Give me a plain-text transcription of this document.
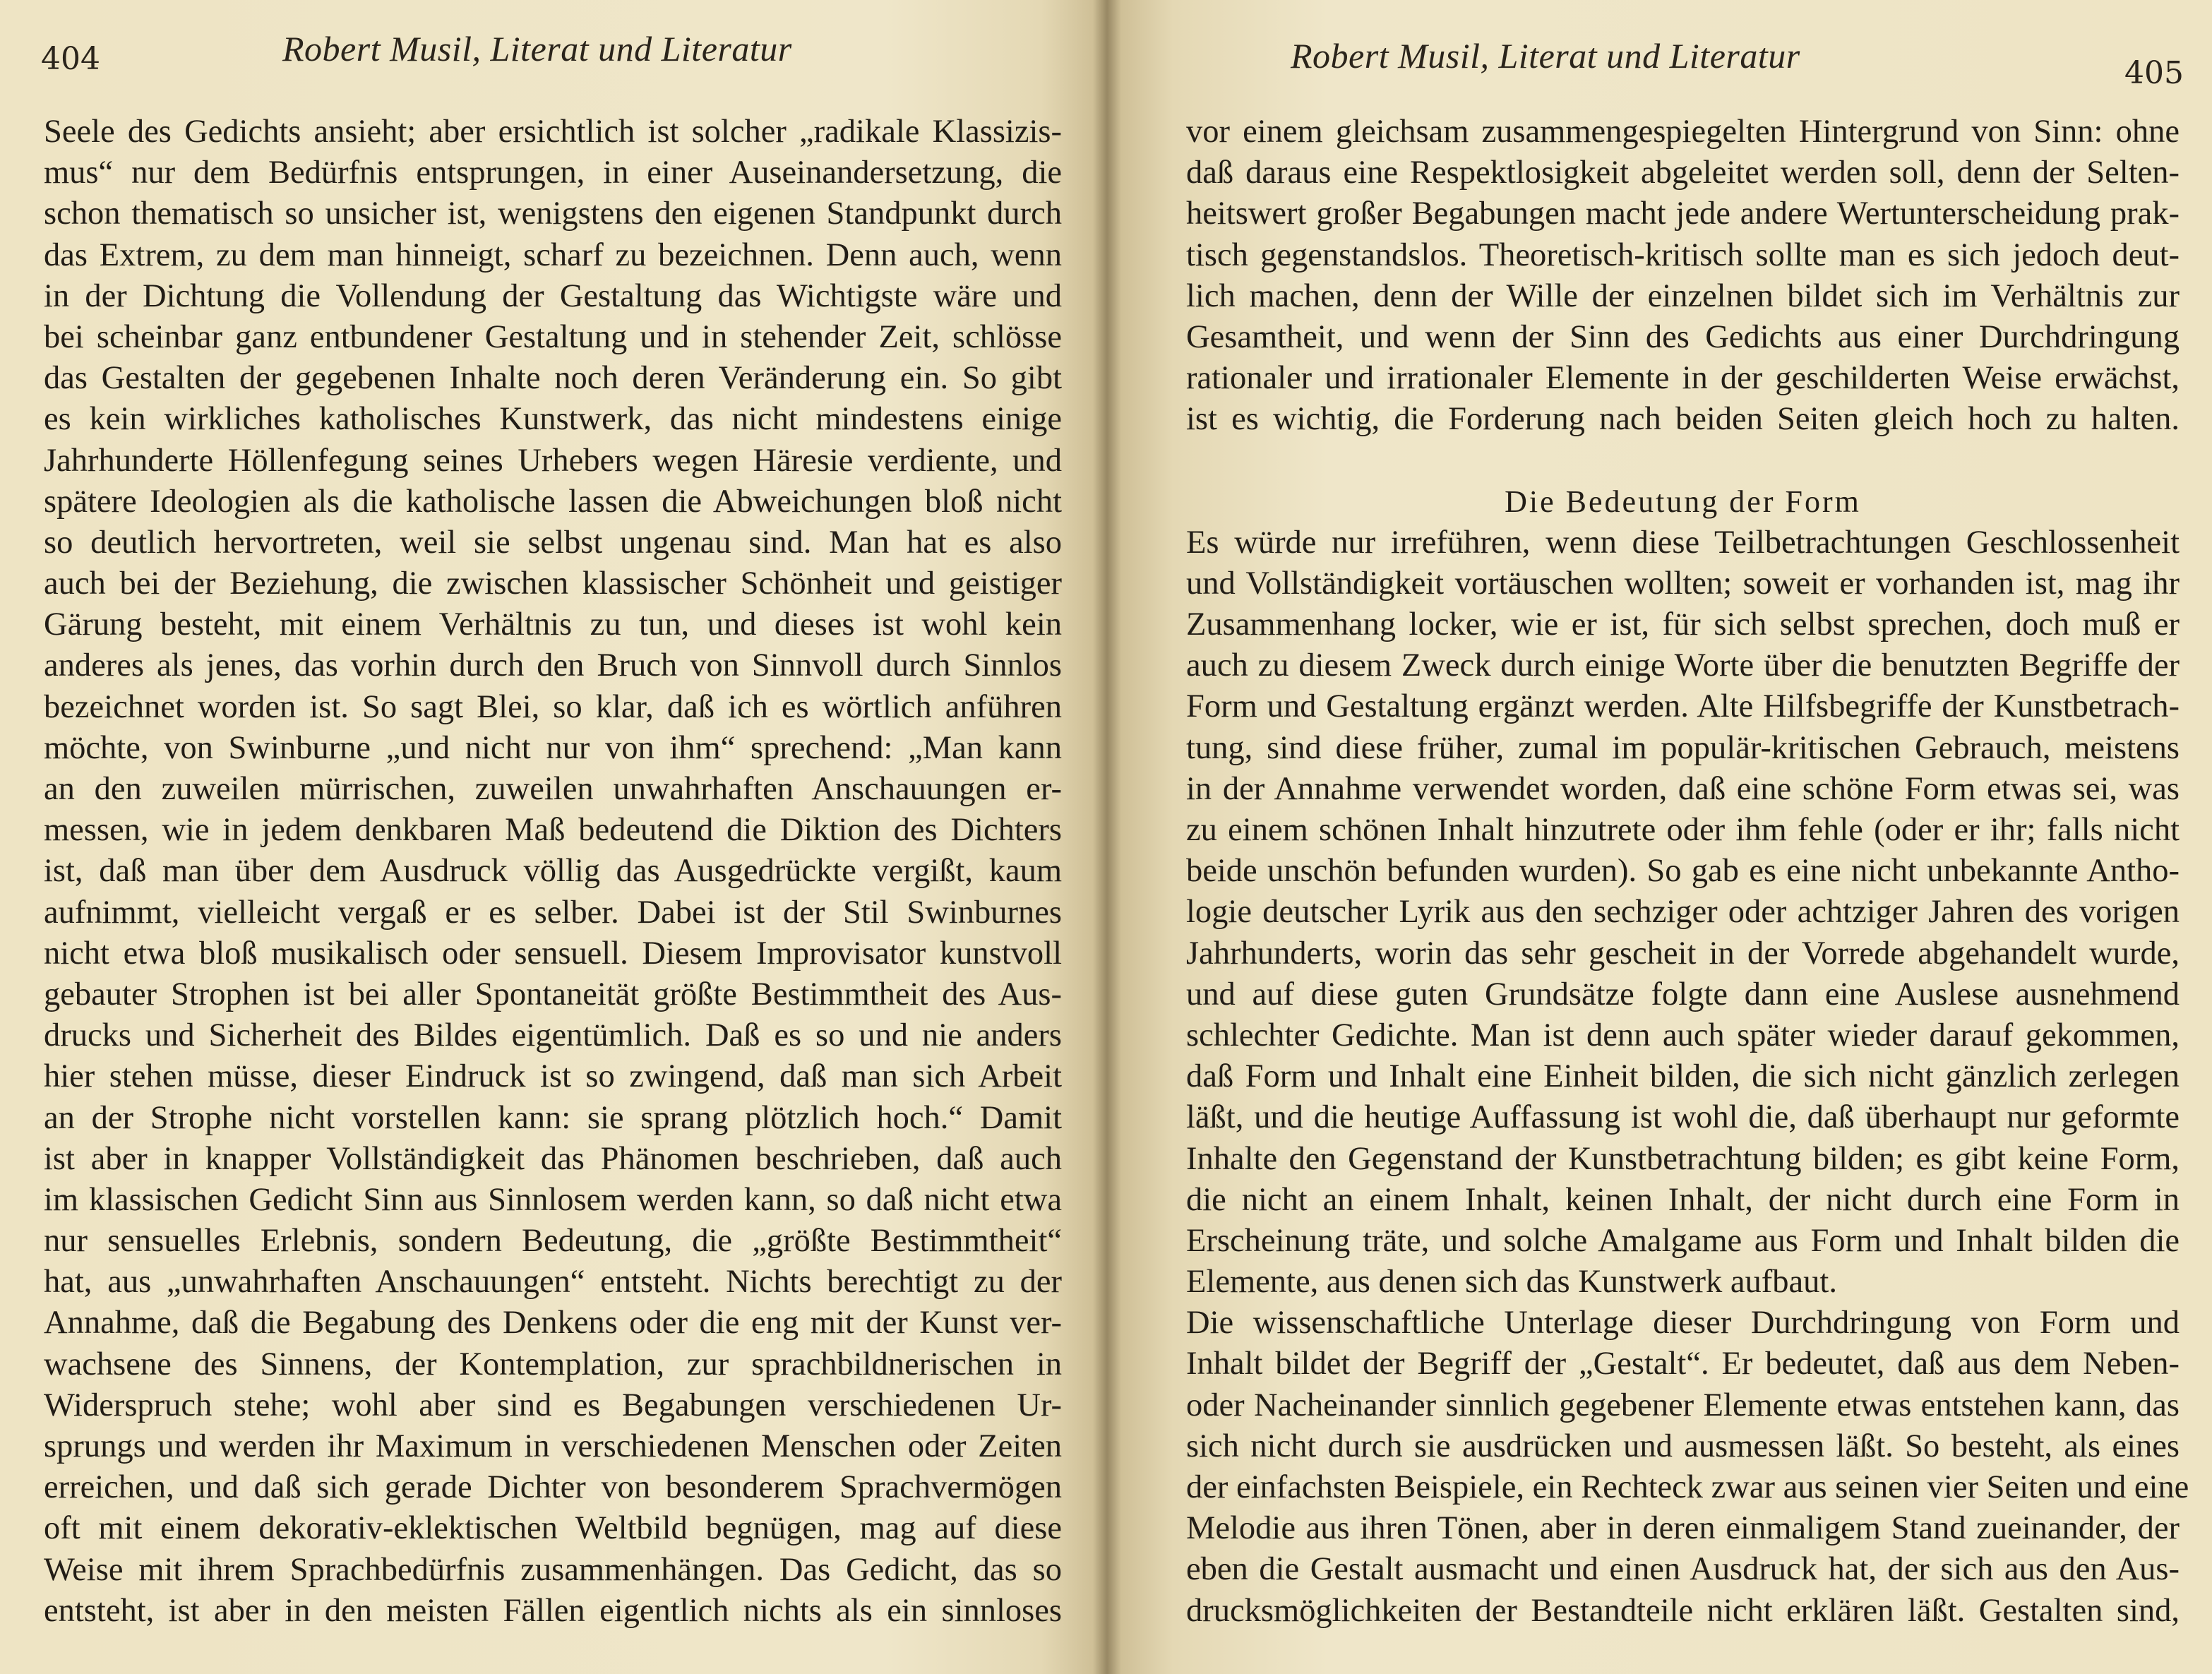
404	Robert Musil, Literat und Literatur
Seele des Gedichts ansieht; aber ersichtlich ist solcher „radikale Klassizis-
mus“ nur dem Bedürfnis entsprungen, in einer Auseinandersetzung, die
schon thematisch so unsicher ist, wenigstens den eigenen Standpunkt durch
das Extrem, zu dem man hinneigt, scharf zu bezeichnen. Denn auch, wenn
in der Dichtung die Vollendung der Gestaltung das Wichtigste wäre und
bei scheinbar ganz entbundener Gestaltung und in stehender Zeit, schlösse
das Gestalten der gegebenen Inhalte noch deren Veränderung ein. So gibt
es kein wirkliches katholisches Kunstwerk, das nicht mindestens einige
Jahrhunderte Höllenfegung seines Urhebers wegen Häresie verdiente, und
spätere Ideologien als die katholische lassen die Abweichungen bloß nicht
so deutlich hervortreten, weil sie selbst ungenau sind. Man hat es also
auch bei der Beziehung, die zwischen klassischer Schönheit und geistiger
Gärung besteht, mit einem Verhältnis zu tun, und dieses ist wohl kein
anderes als jenes, das vorhin durch den Bruch von Sinnvoll durch Sinnlos
bezeichnet worden ist. So sagt Blei, so klar, daß ich es wörtlich anführen
möchte, von Swinburne „und nicht nur von ihm“ sprechend: „Man kann
an den zuweilen mürrischen, zuweilen unwahrhaften Anschauungen er-
messen, wie in jedem denkbaren Maß bedeutend die Diktion des Dichters
ist, daß man über dem Ausdruck völlig das Ausgedrückte vergißt, kaum
aufnimmt, vielleicht vergaß er es selber. Dabei ist der Stil Swinburnes
nicht etwa bloß musikalisch oder sensuell. Diesem Improvisator kunstvoll
gebauter Strophen ist bei aller Spontaneität größte Bestimmtheit des Aus-
drucks und Sicherheit des Bildes eigentümlich. Daß es so und nie anders
hier stehen müsse, dieser Eindruck ist so zwingend, daß man sich Arbeit
an der Strophe nicht vorstellen kann: sie sprang plötzlich hoch.“ Damit
ist aber in knapper Vollständigkeit das Phänomen beschrieben, daß auch
im klassischen Gedicht Sinn aus Sinnlosem werden kann, so daß nicht etwa
nur sensuelles Erlebnis, sondern Bedeutung, die „größte Bestimmtheit“
hat, aus „unwahrhaften Anschauungen“ entsteht. Nichts berechtigt zu der
Annahme, daß die Begabung des Denkens oder die eng mit der Kunst ver-
wachsene des Sinnens, der Kontemplation, zur sprachbildnerischen in
Widerspruch stehe; wohl aber sind es Begabungen verschiedenen Ur-
sprungs und werden ihr Maximum in verschiedenen Menschen oder Zeiten
erreichen, und daß sich gerade Dichter von besonderem Sprachvermögen
oft mit einem dekorativ-eklektischen Weltbild begnügen, mag auf diese
Weise mit ihrem Sprachbedürfnis zusammenhängen. Das Gedicht, das so
entsteht, ist aber in den meisten Fällen eigentlich nichts als ein sinnloses
Robert Musil, Literat und Literatur	405
vor einem gleichsam zusammengespiegelten Hintergrund von Sinn: ohne
daß daraus eine Respektlosigkeit abgeleitet werden soll, denn der Selten-
heitswert großer Begabungen macht jede andere Wertunterscheidung prak-
tisch gegenstandslos. Theoretisch-kritisch sollte man es sich jedoch deut-
lich machen, denn der Wille der einzelnen bildet sich im Verhältnis zur
Gesamtheit, und wenn der Sinn des Gedichts aus einer Durchdringung
rationaler und irrationaler Elemente in der geschilderten Weise erwächst,
ist es wichtig, die Forderung nach beiden Seiten gleich hoch zu halten.
Die Bedeutung der Form
Es würde nur irreführen, wenn diese Teilbetrachtungen Geschlossenheit
und Vollständigkeit vortäuschen wollten; soweit er vorhanden ist, mag ihr
Zusammenhang locker, wie er ist, für sich selbst sprechen, doch muß er
auch zu diesem Zweck durch einige Worte über die benutzten Begriffe der
Form und Gestaltung ergänzt werden. Alte Hilfsbegriffe der Kunstbetrach-
tung, sind diese früher, zumal im populär-kritischen Gebrauch, meistens
in der Annahme verwendet worden, daß eine schöne Form etwas sei, was
zu einem schönen Inhalt hinzutrete oder ihm fehle (oder er ihr; falls nicht
beide unschön befunden wurden). So gab es eine nicht unbekannte Antho-
logie deutscher Lyrik aus den sechziger oder achtziger Jahren des vorigen
Jahrhunderts, worin das sehr gescheit in der Vorrede abgehandelt wurde,
und auf diese guten Grundsätze folgte dann eine Auslese ausnehmend
schlechter Gedichte. Man ist denn auch später wieder darauf gekommen,
daß Form und Inhalt eine Einheit bilden, die sich nicht gänzlich zerlegen
läßt, und die heutige Auffassung ist wohl die, daß überhaupt nur geformte
Inhalte den Gegenstand der Kunstbetrachtung bilden; es gibt keine Form,
die nicht an einem Inhalt, keinen Inhalt, der nicht durch eine Form in
Erscheinung träte, und solche Amalgame aus Form und Inhalt bilden die
Elemente, aus denen sich das Kunstwerk aufbaut.
Die wissenschaftliche Unterlage dieser Durchdringung von Form und
Inhalt bildet der Begriff der „Gestalt“. Er bedeutet, daß aus dem Neben-
oder Nacheinander sinnlich gegebener Elemente etwas entstehen kann, das
sich nicht durch sie ausdrücken und ausmessen läßt. So besteht, als eines
der einfachsten Beispiele, ein Rechteck zwar aus seinen vier Seiten und eine
Melodie aus ihren Tönen, aber in deren einmaligem Stand zueinander, der
eben die Gestalt ausmacht und einen Ausdruck hat, der sich aus den Aus-
drucksmöglichkeiten der Bestandteile nicht erklären läßt. Gestalten sind,
